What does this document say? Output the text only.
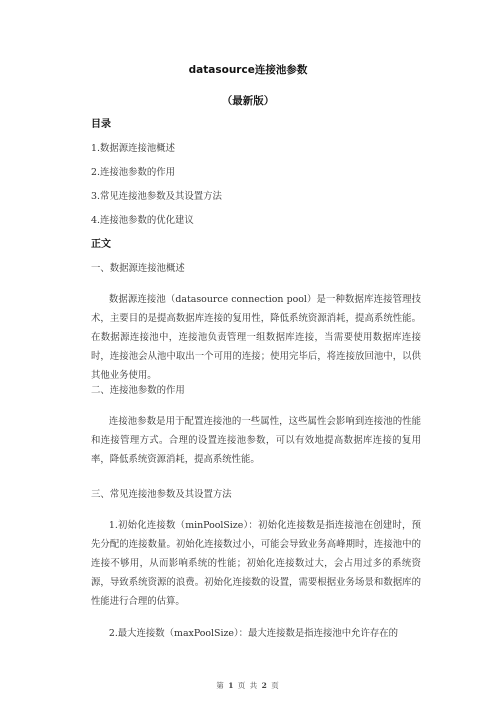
datasource连接池参数
（最新版）
目录
1.数据源连接池概述
2.连接池参数的作用
3.常见连接池参数及其设置方法
4.连接池参数的优化建议
正文
一、数据源连接池概述

数据源连接池（datasource connection pool）是一种数据库连接管理技术，主要目的是提高数据库连接的复用性，降低系统资源消耗，提高系统性能。在数据源连接池中，连接池负责管理一组数据库连接，当需要使用数据库连接时，连接池会从池中取出一个可用的连接；使用完毕后，将连接放回池中，以供其他业务使用。

二、连接池参数的作用

连接池参数是用于配置连接池的一些属性，这些属性会影响到连接池的性能和连接管理方式。合理的设置连接池参数，可以有效地提高数据库连接的复用率，降低系统资源消耗，提高系统性能。

三、常见连接池参数及其设置方法

1.初始化连接数（minPoolSize）：初始化连接数是指连接池在创建时，预先分配的连接数量。初始化连接数过小，可能会导致业务高峰期时，连接池中的连接不够用，从而影响系统的性能；初始化连接数过大，会占用过多的系统资源，导致系统资源的浪费。初始化连接数的设置，需要根据业务场景和数据库的性能进行合理的估算。

2.最大连接数（maxPoolSize）：最大连接数是指连接池中允许存在的

第 1 页 共 2 页
